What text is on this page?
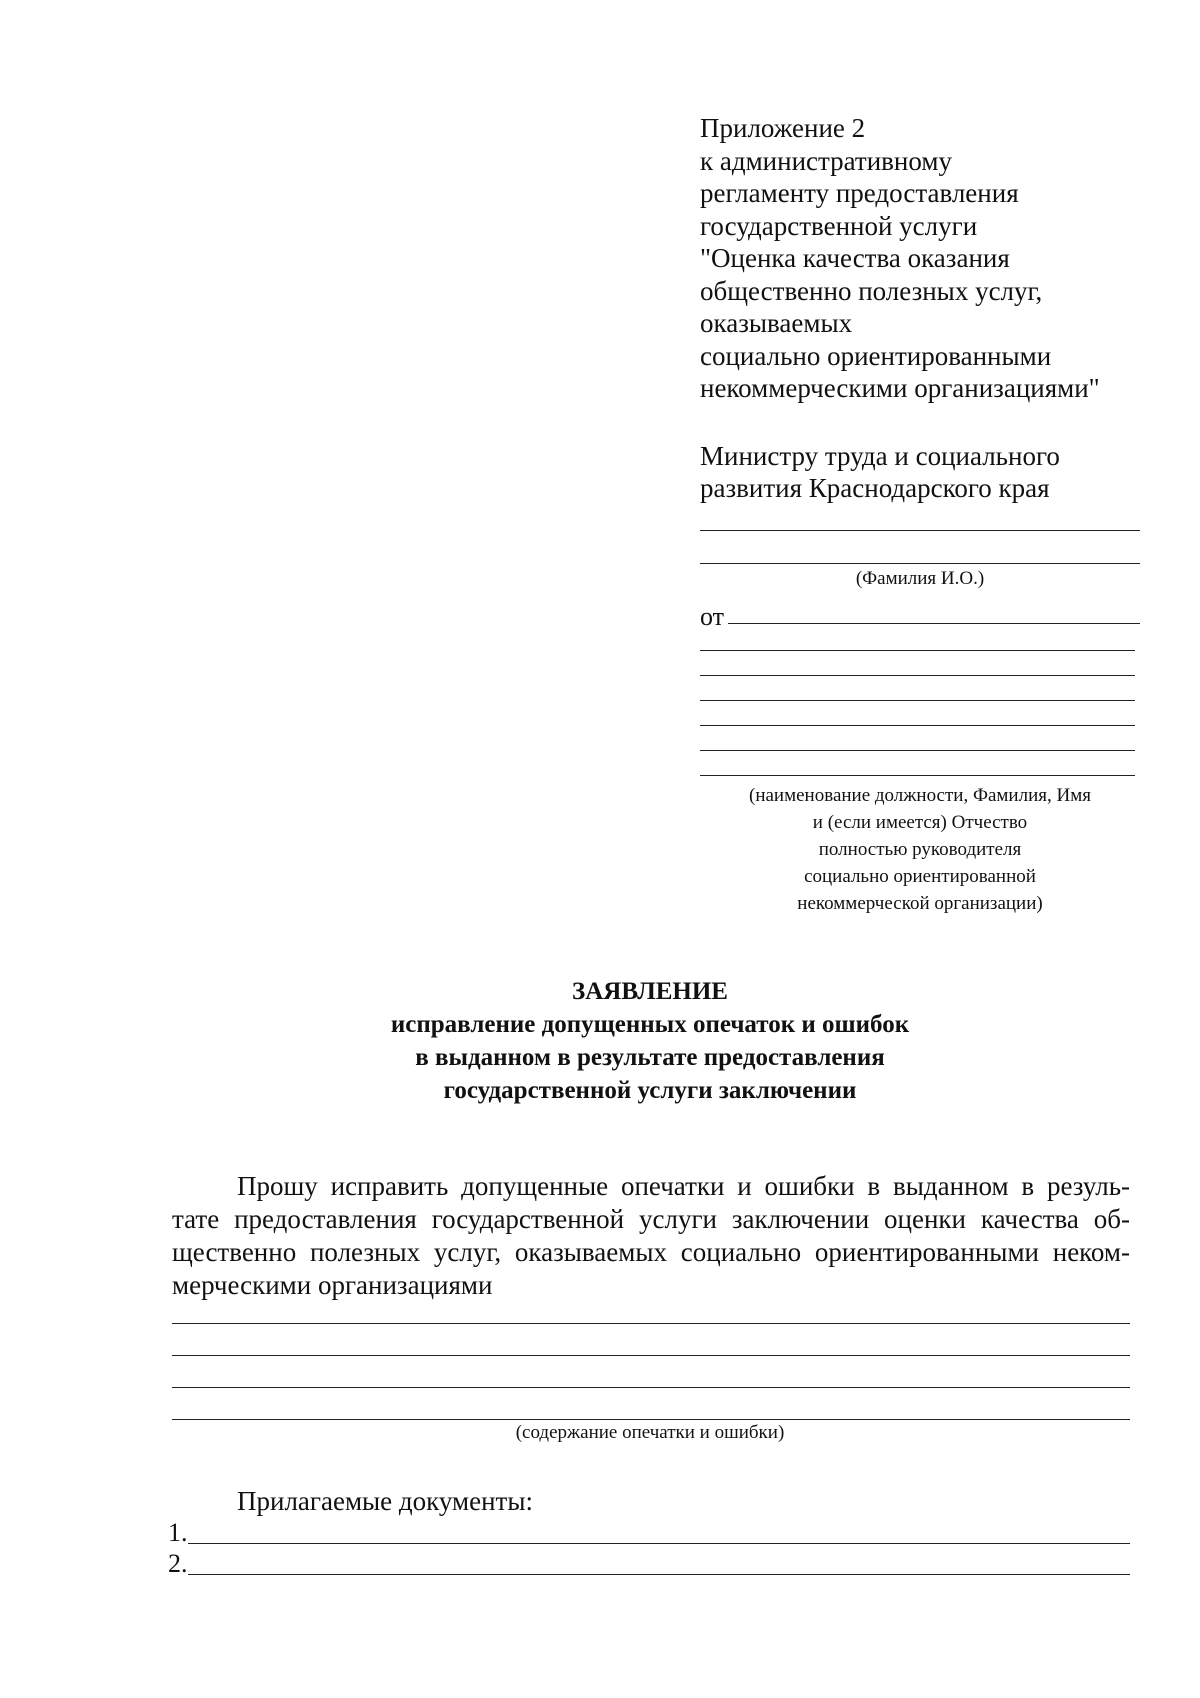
Приложение 2
к административному
регламенту предоставления
государственной услуги
"Оценка качества оказания
общественно полезных услуг,
оказываемых
социально ориентированными
некоммерческими организациями"
Министру труда и социального
развития Краснодарского края
(Фамилия И.О.)
от
(наименование должности, Фамилия, Имя
и (если имеется) Отчество
полностью руководителя
социально ориентированной
некоммерческой организации)
ЗАЯВЛЕНИЕ
исправление допущенных опечаток и ошибок
в выданном в результате предоставления
государственной услуги заключении
Прошу исправить допущенные опечатки и ошибки в выданном в резуль-
тате предоставления государственной услуги заключении оценки качества об-
щественно полезных услуг, оказываемых социально ориентированными неком-
мерческими организациями
(содержание опечатки и ошибки)
Прилагаемые документы:
1.
2.
